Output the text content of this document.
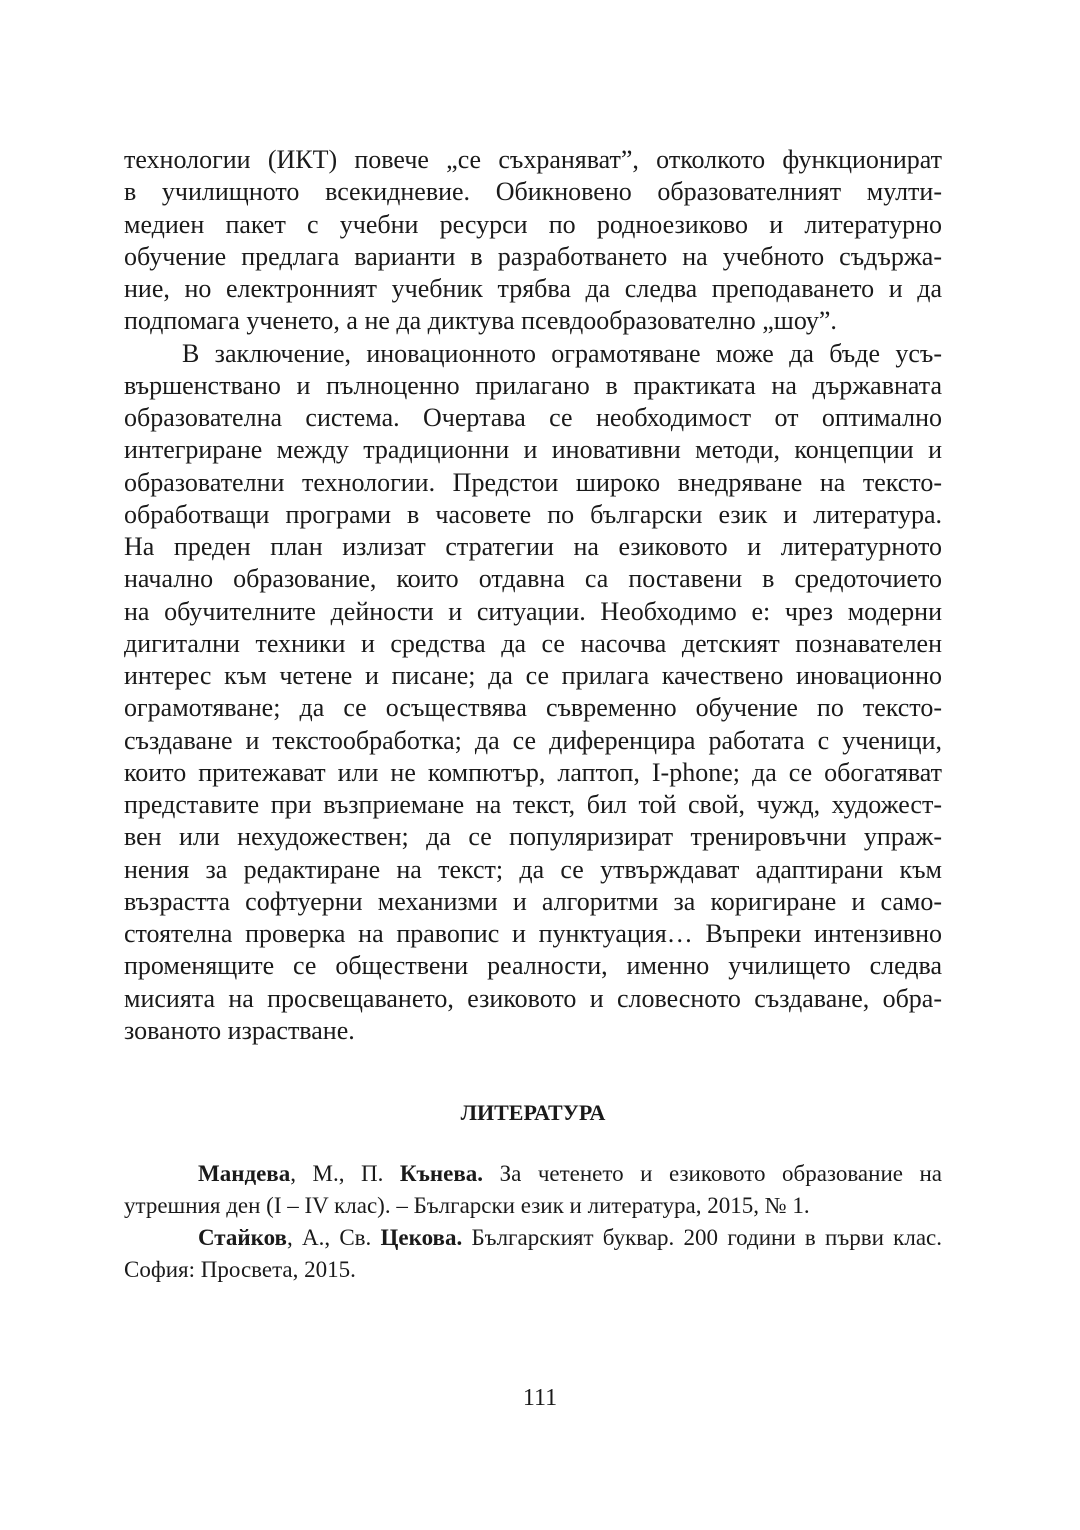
технологии (ИКТ) повече „се съхраняват”, отколкото функционират
в училищното всекидневие. Обикновено образователният мулти-
медиен пакет с учебни ресурси по родноезиково и литературно
обучение предлага варианти в разработването на учебното съдържа-
ние, но електронният учебник трябва да следва преподаването и да
подпомага ученето, а не да диктува псевдообразователно „шоу”.
В заключение, иновационното ограмотяване може да бъде усъ-
вършенствано и пълноценно прилагано в практиката на държавната
образователна система. Очертава се необходимост от оптимално
интегриране между традиционни и иновативни методи, концепции и
образователни технологии. Предстои широко внедряване на тексто-
обработващи програми в часовете по български език и литература.
На преден план излизат стратегии на езиковото и литературното
начално образование, които отдавна са поставени в средоточието
на обучителните дейности и ситуации. Необходимо е: чрез модерни
дигитални техники и средства да се насочва детският познавателен
интерес към четене и писане; да се прилага качествено иновационно
ограмотяване; да се осъществява съвременно обучение по тексто-
създаване и текстообработка; да се диференцира работата с ученици,
които притежават или не компютър, лаптоп, I-phone; да се обогатяват
представите при възприемане на текст, бил той свой, чужд, художест-
вен или нехудожествен; да се популяризират тренировъчни упраж-
нения за редактиране на текст; да се утвърждават адаптирани към
възрастта софтуерни механизми и алгоритми за коригиране и само-
стоятелна проверка на правопис и пунктуация… Въпреки интензивно
променящите се обществени реалности, именно училището следва
мисията на просвещаването, езиковото и словесното създаване, обра-
зованото израстване.
ЛИТЕРАТУРА
Мандева, М., П. Кънева. За четенето и езиковото образование на
утрешния ден (I – IV клас). – Български език и литература, 2015, № 1.
Стайков, А., Св. Цекова. Българският буквар. 200 години в първи клас.
София: Просвета, 2015.
111
